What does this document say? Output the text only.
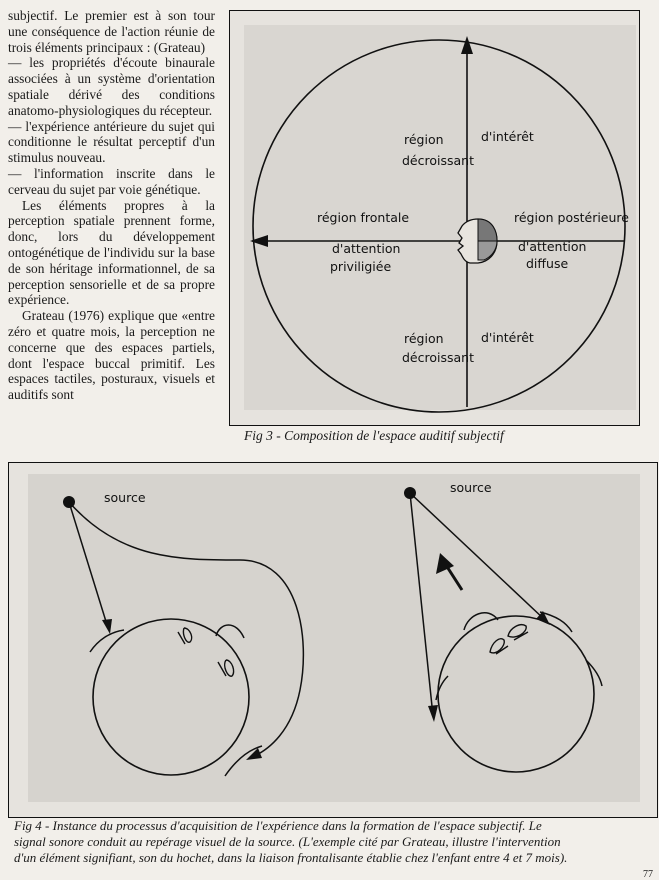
subjectif. Le premier est à son tour une conséquence de l'action réunie de trois éléments principaux : (Grateau)

— les propriétés d'écoute binaurale associées à un système d'orientation spatiale dérivé des conditions anatomo-physiologiques du récepteur.

— l'expérience antérieure du sujet qui conditionne le résultat perceptif d'un stimulus nouveau.

— l'information inscrite dans le cerveau du sujet par voie génétique.

Les éléments propres à la perception spatiale prennent forme, donc, lors du développement ontogénétique de l'individu sur la base de son héritage informationnel, de sa perception sensorielle et de sa propre expérience.

Grateau (1976) explique que «entre zéro et quatre mois, la perception ne concerne que des espaces partiels, dont l'espace buccal primitif. Les espaces tactiles, posturaux, visuels et auditifs sont

région
décroissant
d'intérêt
région frontale
d'attention
priviligiée
région postérieure
d'attention
diffuse
région
décroissant
d'intérêt
Fig 3 - Composition de l'espace auditif subjectif
source
source
Fig 4 - Instance du processus d'acquisition de l'expérience dans la formation de l'espace subjectif. Le
signal sonore conduit au repérage visuel de la source. (L'exemple cité par Grateau, illustre l'intervention
d'un élément signifiant, son du hochet, dans la liaison frontalisante établie chez l'enfant entre 4 et 7 mois).
77
